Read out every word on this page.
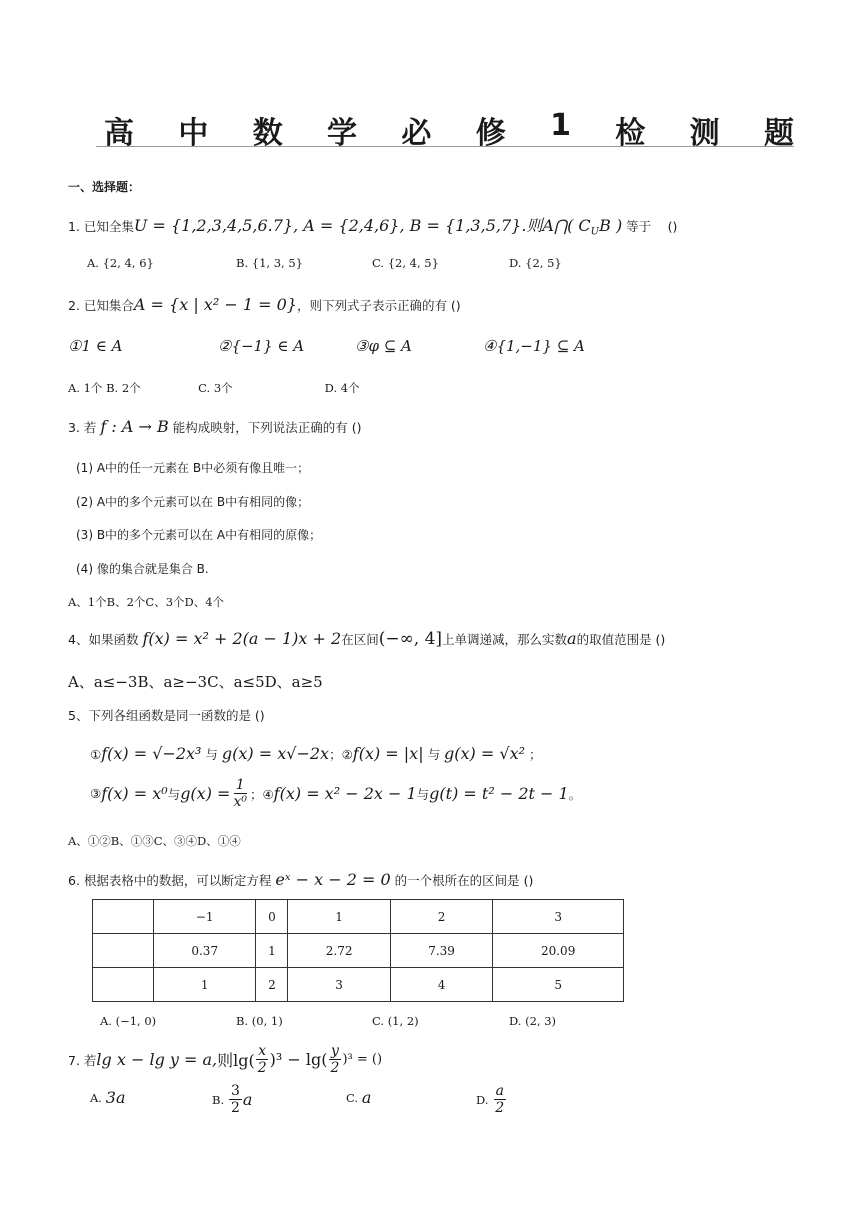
高 中 数 学 必 修 1 检 测 题
一、选择题：
1. 已知全集U = {1,2,3,4,5,6.7}, A = {2,4,6}, B = {1,3,5,7}.则A⋂( $C_UB$ ) 等于　 ()
A. {2, 4, 6}	B. {1, 3, 5}	C. {2, 4, 5}	D. {2, 5}
2. 已知集合A = {x | x² − 1 = 0}，则下列式子表示正确的有 ()
①1 ∈ A	②{−1} ∈ A	③φ ⊆ A	④{1,−1} ⊆ A
A. 1个 B. 2个　　　　　C. 3个　　　　　　　　D. 4个
3. 若 f : A → B 能构成映射，下列说法正确的有 ()
(1) A中的任一元素在 B中必须有像且唯一；
(2) A中的多个元素可以在 B中有相同的像；
(3) B中的多个元素可以在 A中有相同的原像；
(4) 像的集合就是集合 B.
A、1个B、2个C、3个D、4个
4、如果函数 f(x) = x² + 2(a − 1)x + 2在区间(−∞, 4]上单调递减，那么实数a的取值范围是 ()
A、a≤−3B、a≥−3C、a≤5D、a≥5
5、下列各组函数是同一函数的是 ()
①f(x) = √−2x³ 与 g(x) = x√−2x；②f(x) = |x| 与 g(x) = √x² ；
③ f(x) = x⁰ 与 $g(x) = \frac{1}{\text{x⁰}}$ ；④ f(x) = x² − 2x − 1 与 g(t) = t² − 2t − 1 。
A、①②B、①③C、③④D、①④
6. 根据表格中的数据，可以断定方程 eˣ − x − 2 = 0 的一个根所在的区间是 ()
	−1	0	1	2	3
	0.37	1	2.72	7.39	20.09
	1	2	3	4	5
A. (−1, 0)	B. (0, 1)	C. (1, 2)	D. (2, 3)
7. 若 lg x − lg y = a, 则$\lg( \frac{x}{2} )^3 - \lg( \frac{y}{2} )^3$ = ()
A.
3a	B.
$\frac{3}{2}$ a	C.
a	D.
$\frac{a}{2}$
